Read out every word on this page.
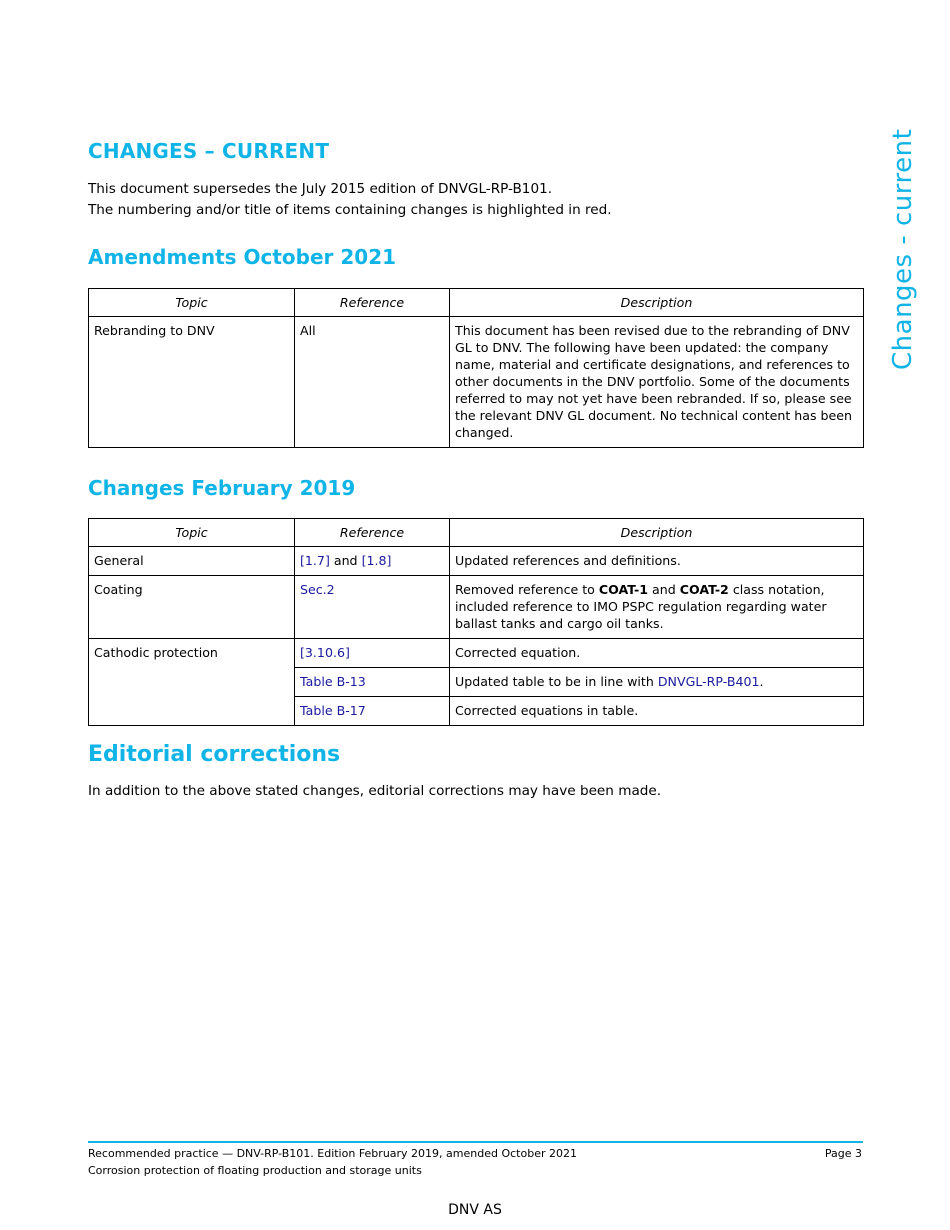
CHANGES – CURRENT
This document supersedes the July 2015 edition of DNVGL-RP-B101.
The numbering and/or title of items containing changes is highlighted in red.
Amendments October 2021
Topic	Reference	Description
Rebranding to DNV	All	This document has been revised due to the rebranding of DNV GL to DNV. The following have been updated: the company name, material and certificate designations, and references to other documents in the DNV portfolio. Some of the documents referred to may not yet have been rebranded. If so, please see the relevant DNV GL document. No technical content has been changed.
Changes February 2019
Topic	Reference	Description
General	[1.7] and [1.8]	Updated references and definitions.
Coating	Sec.2	Removed reference to COAT-1 and COAT-2 class notation, included reference to IMO PSPC regulation regarding water ballast tanks and cargo oil tanks.
Cathodic protection	[3.10.6]	Corrected equation.
	Table B-13	Updated table to be in line with DNVGL-RP-B401.
	Table B-17	Corrected equations in table.
Editorial corrections
In addition to the above stated changes, editorial corrections may have been made.
Changes - current
Recommended practice — DNV-RP-B101. Edition February 2019, amended October 2021
Corrosion protection of floating production and storage units
Page 3
DNV AS
